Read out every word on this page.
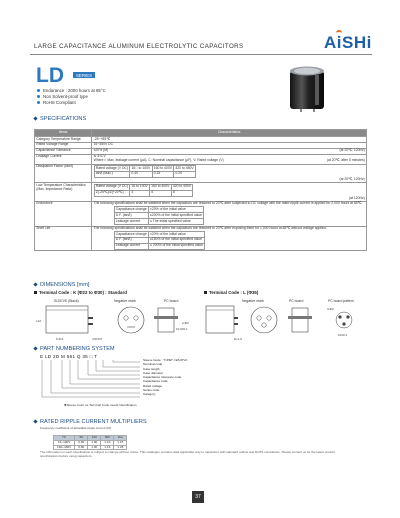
LARGE CAPACITANCE ALUMINUM ELECTROLYTIC CAPACITORS	AiSHi
LD	SERIES
Endurance : 2000 hours at 85°C
Non Solvent-proof type
RoHS Compliant
SPECIFICATIONS
Items	Characteristics
Category Temperature Range	-25~+85℃
Rated Voltage Range	16~450V DC
Capacitance Tolerance	±20% (M)	(at 20℃, 120Hz)

Leakage Current	I≤ 3√CV
Where I: Max. leakage current (μA), C: Nominal capacitance (μF), V: Rated voltage (V)	(at 20℃, after 5 minutes)

Dissipation Factor (tanδ)		Rated voltage (V DC)	16⃝ to 100V	160 to 400V	420 to 450V
tanδ (Max.)	0.40	0.15	0.20
(at 20℃, 120Hz)

Low Temperature Characteristics (Max. Impedance Ratio)	
Rated voltage (V DC)	16 to 100V	160 to 400V	420 to 450V
Z(-25℃)/Z(+20℃)	4	4	8
(at 120Hz)

Endurance	The following specifications shall be satisfied when the capacitors are restored to 20℃ after subjected to DC voltage with the rated ripple current is applied for 2,000 hours at 85℃.
Capacitance change	±20% of the initial value
D.F. (tanδ)	≤200% of the initial specified value
Leakage current	≤ The initial specified value

Shelf Life	The following specifications shall be satisfied when the capacitors are restored to 20℃ after exposing them for 1,000 hours at 85℃ without voltage applied.
Capacitance change	±20% of the initial value
D.F. (tanδ)	≤150% of the initial specified value
Leakage current	≤ 200% of the initial specified value
DIMENSIONS [mm]
Terminal Code : K (Φ22 to Φ30) : Standard	Terminal Code : L (Φ35)
SLEEVE (Black)	Negative mark	PC board
L±2
4.0±0.5
6.3±1
10.0±0.1
2-Φ2
Negative mark	PC board	PC board pattern
D+1.0
3-Φ2
10±0.1
PART NUMBERING SYSTEM
E LD 2D M 561 Q 35 □ T
Sleeve Code : T=PET, N/A=PVC
Terminal code
Case length
Case diameter
Capacitance tolerance code
Capacitance code
Rated voltage
Series code
Category
✱Sleeve Color as Terminal Code needs identification
RATED RIPPLE CURRENT MULTIPLIERS
Frequency coefficient of allowable ripple current (Kf)
Hz	50	120	300	1k≤
16~100V	0.90	1.00	1.10	1.15
160~450V	0.80	1.00	1.15	1.25
The information in each specification is subject to change without notice. This catalogue contains data applicable only to capacitors with standard outline and RoHS compliance. Please contact us for the latest product specifications before using capacitors.
37
